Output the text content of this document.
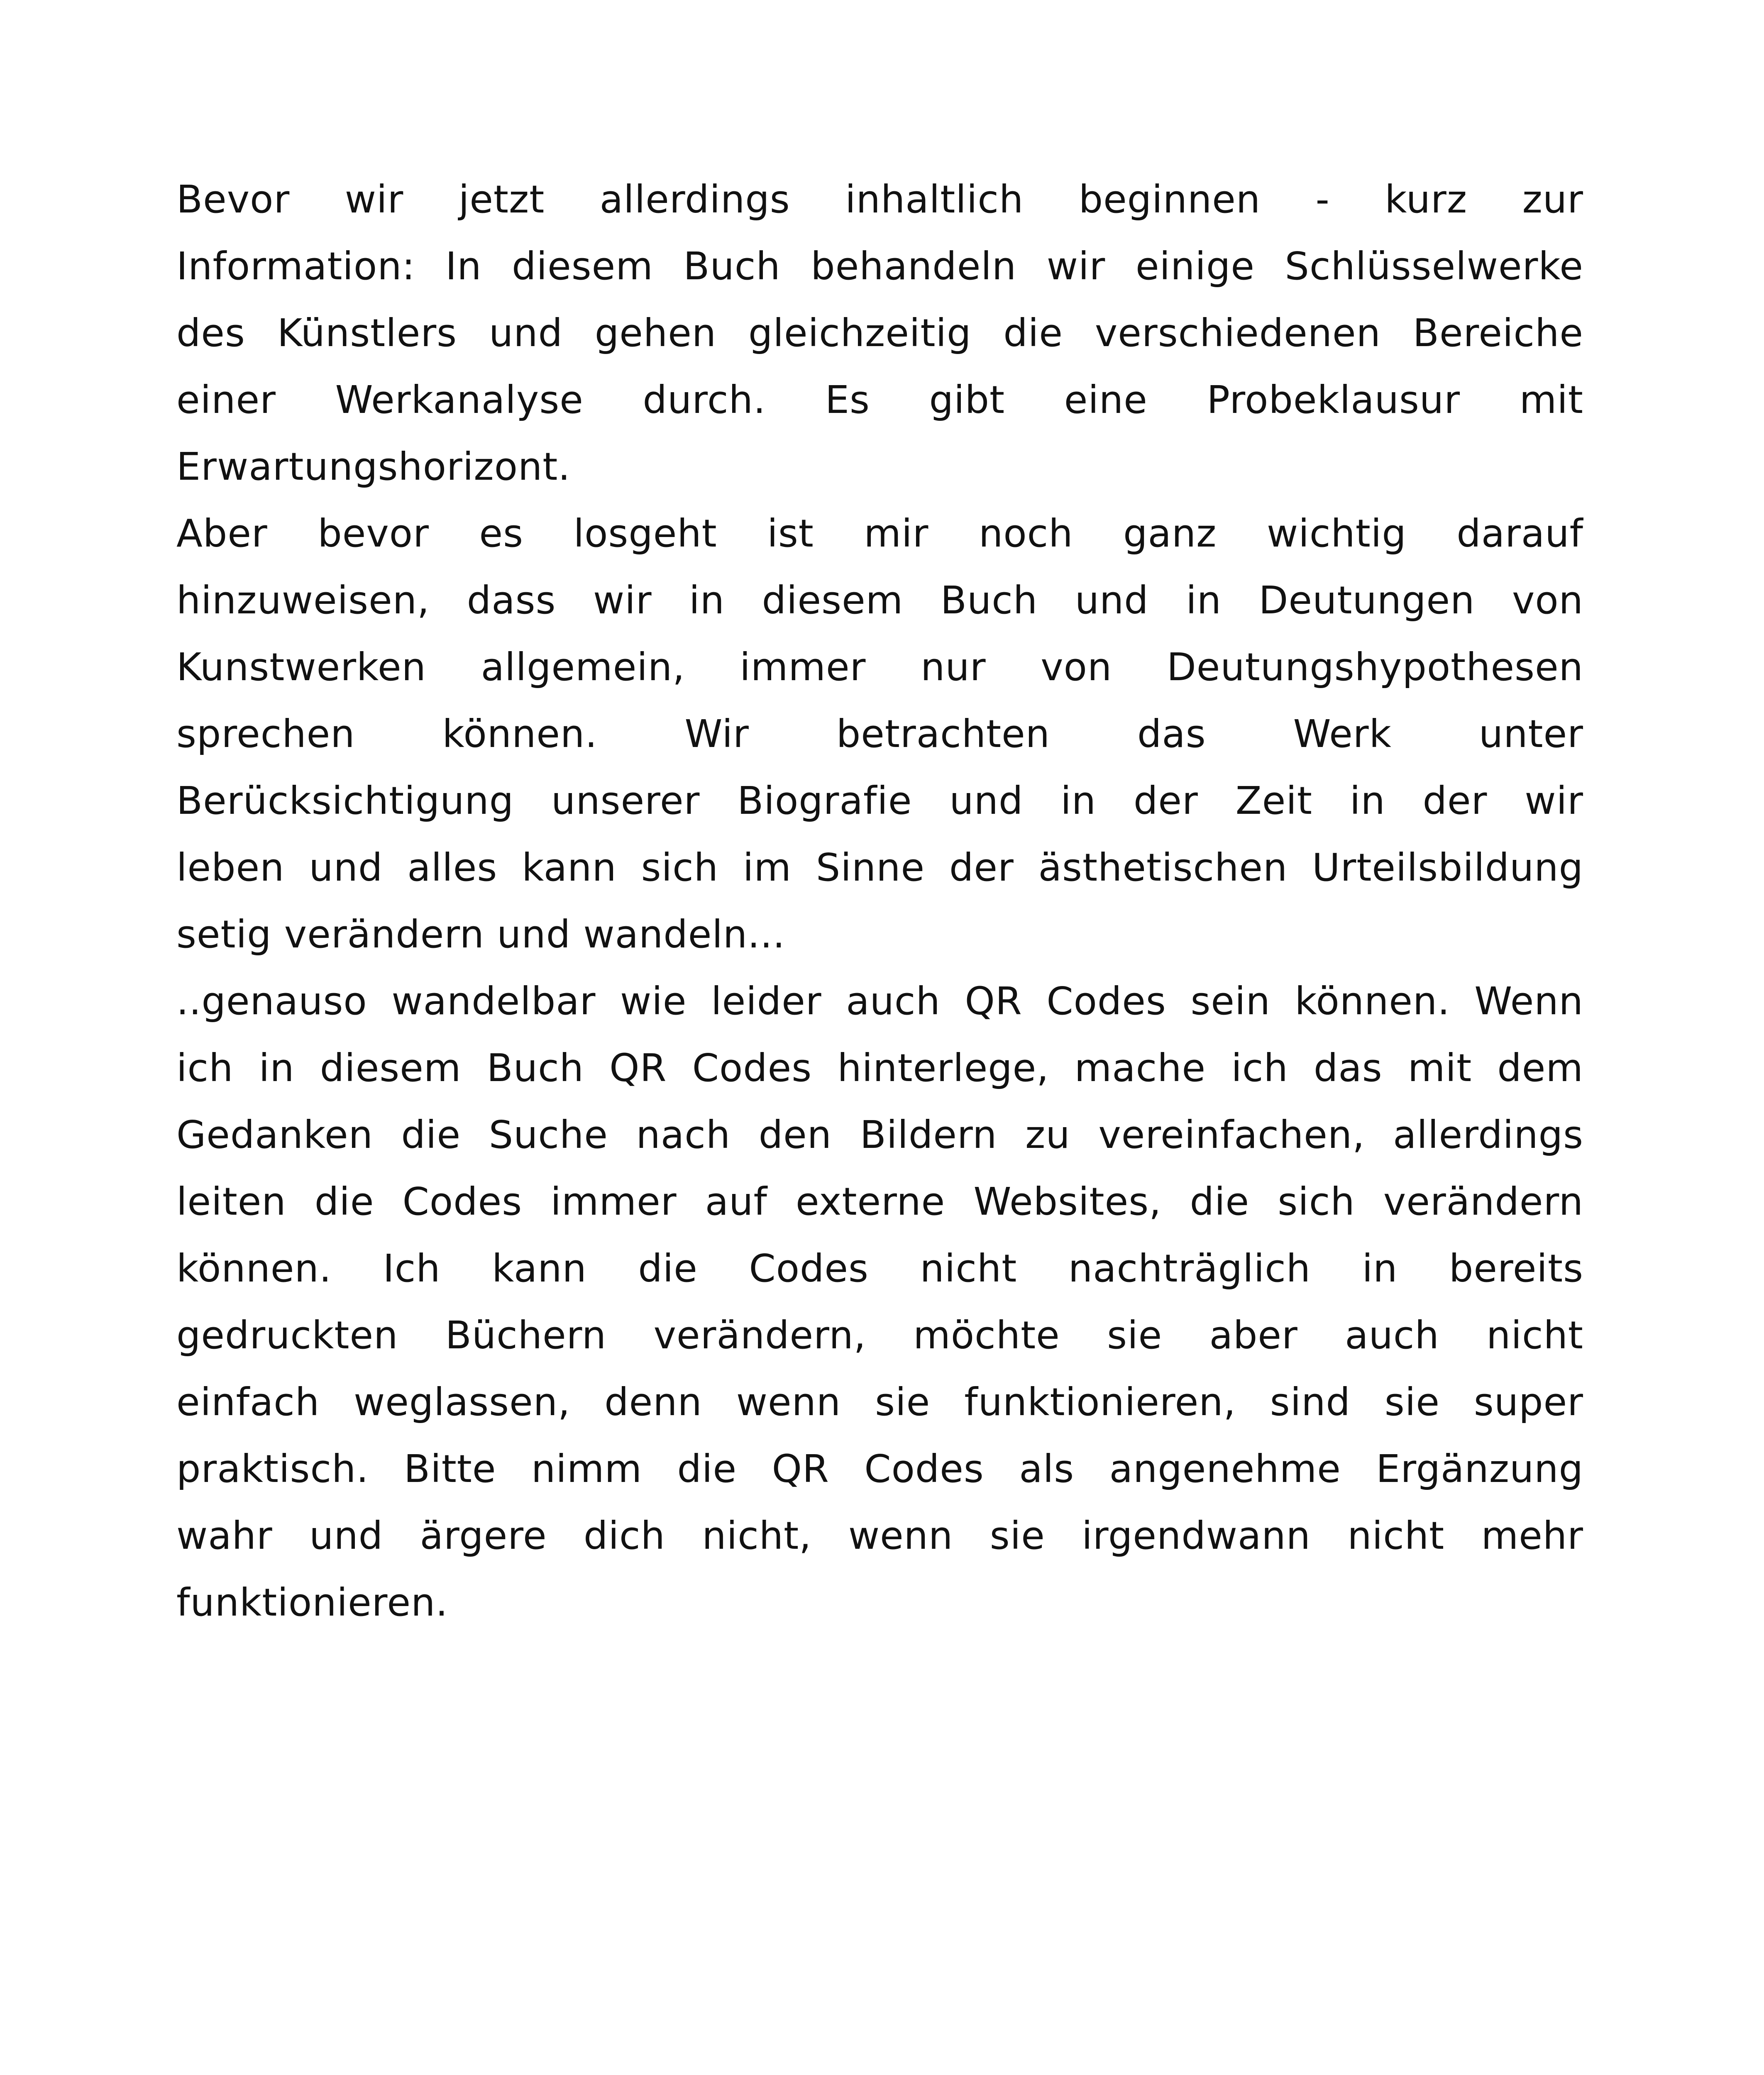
Bevor wir jetzt allerdings inhaltlich beginnen - kurz zur
Information: In diesem Buch behandeln wir einige Schlüsselwerke
des Künstlers und gehen gleichzeitig die verschiedenen Bereiche
einer Werkanalyse durch. Es gibt eine Probeklausur mit
Erwartungshorizont.
Aber bevor es losgeht ist mir noch ganz wichtig darauf
hinzuweisen, dass wir in diesem Buch und in Deutungen von
Kunstwerken allgemein, immer nur von Deutungshypothesen
sprechen können. Wir betrachten das Werk unter
Berücksichtigung unserer Biografie und in der Zeit in der wir
leben und alles kann sich im Sinne der ästhetischen Urteilsbildung
setig verändern und wandeln...
..genauso wandelbar wie leider auch QR Codes sein können. Wenn
ich in diesem Buch QR Codes hinterlege, mache ich das mit dem
Gedanken die Suche nach den Bildern zu vereinfachen, allerdings
leiten die Codes immer auf externe Websites, die sich verändern
können. Ich kann die Codes nicht nachträglich in bereits
gedruckten Büchern verändern, möchte sie aber auch nicht
einfach weglassen, denn wenn sie funktionieren, sind sie super
praktisch. Bitte nimm die QR Codes als angenehme Ergänzung
wahr und ärgere dich nicht, wenn sie irgendwann nicht mehr
funktionieren.
